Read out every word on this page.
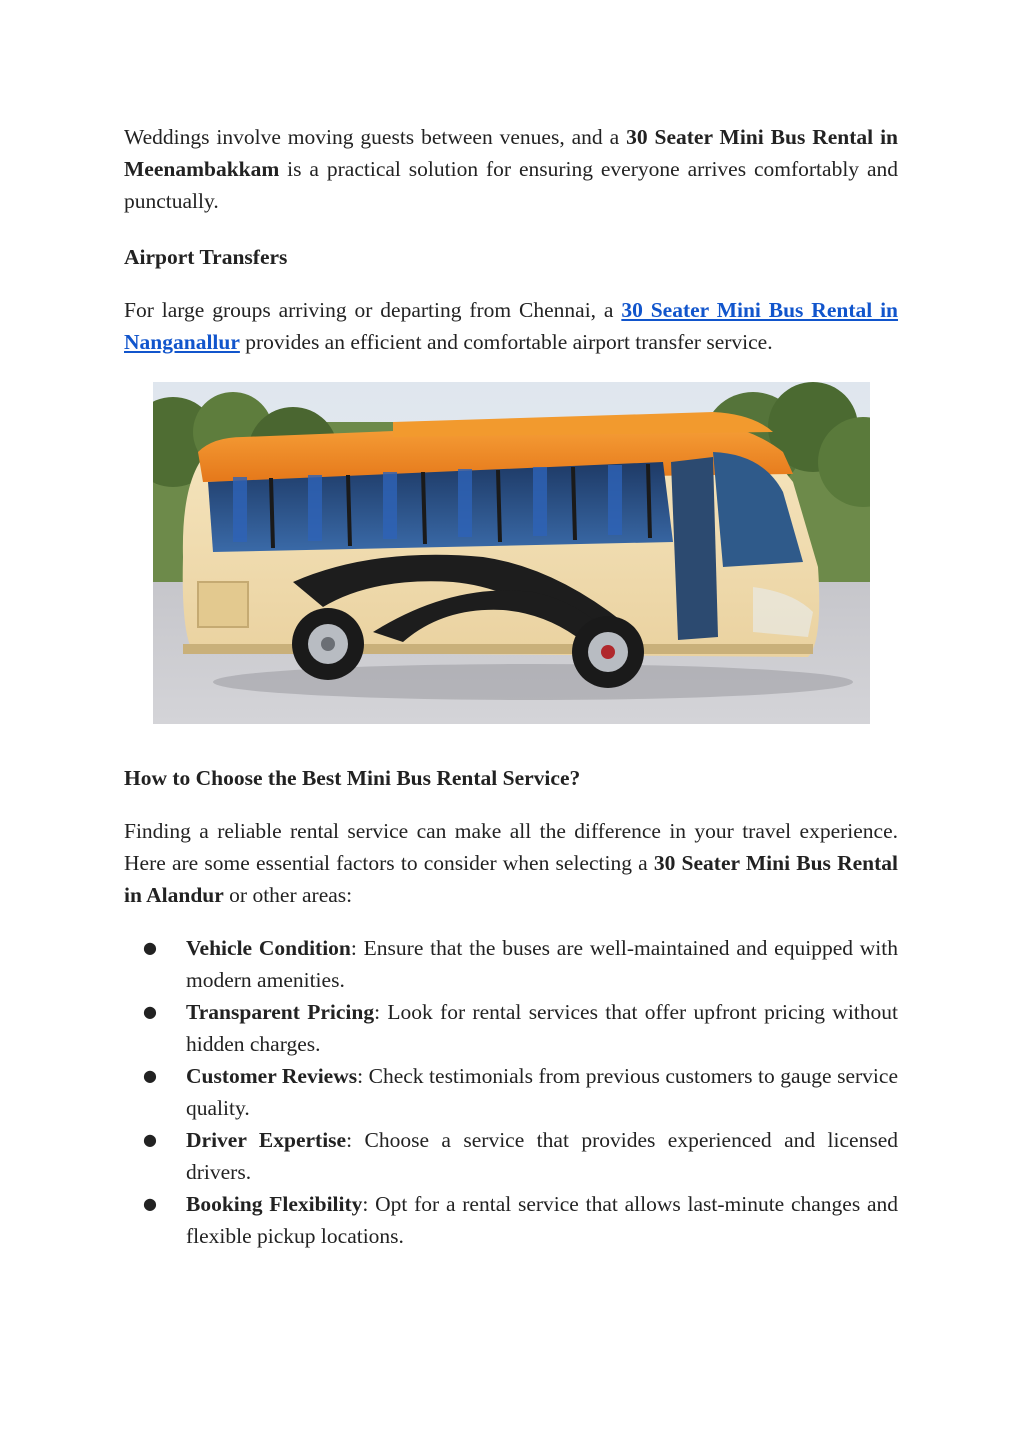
Weddings involve moving guests between venues, and a 30 Seater Mini Bus Rental in Meenambakkam is a practical solution for ensuring everyone arrives comfortably and punctually.

Airport Transfers

For large groups arriving or departing from Chennai, a 30 Seater Mini Bus Rental in Nanganallur provides an efficient and comfortable airport transfer service.

How to Choose the Best Mini Bus Rental Service?

Finding a reliable rental service can make all the difference in your travel experience. Here are some essential factors to consider when selecting a 30 Seater Mini Bus Rental in Alandur or other areas:

● Vehicle Condition: Ensure that the buses are well-maintained and equipped with modern amenities.
● Transparent Pricing: Look for rental services that offer upfront pricing without hidden charges.
● Customer Reviews: Check testimonials from previous customers to gauge service quality.
● Driver Expertise: Choose a service that provides experienced and licensed drivers.
● Booking Flexibility: Opt for a rental service that allows last-minute changes and flexible pickup locations.
